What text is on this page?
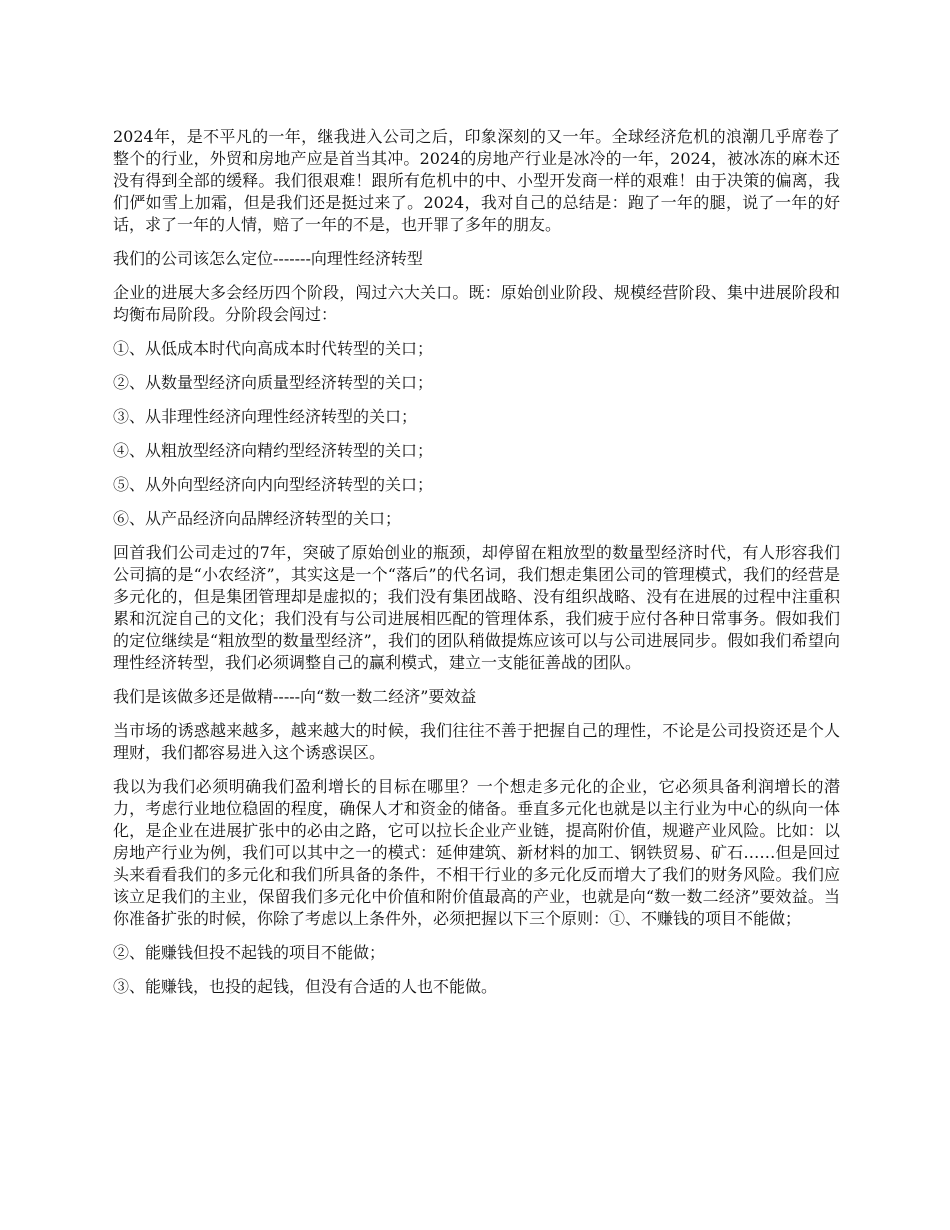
2024年，是不平凡的一年，继我进入公司之后，印象深刻的又一年。全球经济危机的浪潮几乎席卷了整个的行业，外贸和房地产应是首当其冲。2024的房地产行业是冰冷的一年，2024，被冰冻的麻木还没有得到全部的缓释。我们很艰难！跟所有危机中的中、小型开发商一样的艰难！由于决策的偏离，我们俨如雪上加霜，但是我们还是挺过来了。2024，我对自己的总结是：跑了一年的腿，说了一年的好话，求了一年的人情，赔了一年的不是，也开罪了多年的朋友。

我们的公司该怎么定位-------向理性经济转型

企业的进展大多会经历四个阶段，闯过六大关口。既：原始创业阶段、规模经营阶段、集中进展阶段和均衡布局阶段。分阶段会闯过：

①、从低成本时代向高成本时代转型的关口；

②、从数量型经济向质量型经济转型的关口；

③、从非理性经济向理性经济转型的关口；

④、从粗放型经济向精约型经济转型的关口；

⑤、从外向型经济向内向型经济转型的关口；

⑥、从产品经济向品牌经济转型的关口；

回首我们公司走过的7年，突破了原始创业的瓶颈，却停留在粗放型的数量型经济时代，有人形容我们公司搞的是“小农经济”，其实这是一个“落后”的代名词，我们想走集团公司的管理模式，我们的经营是多元化的，但是集团管理却是虚拟的；我们没有集团战略、没有组织战略、没有在进展的过程中注重积累和沉淀自己的文化；我们没有与公司进展相匹配的管理体系，我们疲于应付各种日常事务。假如我们的定位继续是“粗放型的数量型经济”，我们的团队稍做提炼应该可以与公司进展同步。假如我们希望向理性经济转型，我们必须调整自己的赢利模式，建立一支能征善战的团队。

我们是该做多还是做精-----向“数一数二经济”要效益

当市场的诱惑越来越多，越来越大的时候，我们往往不善于把握自己的理性，不论是公司投资还是个人理财，我们都容易进入这个诱惑误区。

我以为我们必须明确我们盈利增长的目标在哪里？一个想走多元化的企业，它必须具备利润增长的潜力，考虑行业地位稳固的程度，确保人才和资金的储备。垂直多元化也就是以主行业为中心的纵向一体化，是企业在进展扩张中的必由之路，它可以拉长企业产业链，提高附价值，规避产业风险。比如：以房地产行业为例，我们可以其中之一的模式：延伸建筑、新材料的加工、钢铁贸易、矿石……但是回过头来看看我们的多元化和我们所具备的条件，不相干行业的多元化反而增大了我们的财务风险。我们应该立足我们的主业，保留我们多元化中价值和附价值最高的产业，也就是向“数一数二经济”要效益。当你准备扩张的时候，你除了考虑以上条件外，必须把握以下三个原则：①、不赚钱的项目不能做；

②、能赚钱但投不起钱的项目不能做；

③、能赚钱，也投的起钱，但没有合适的人也不能做。
